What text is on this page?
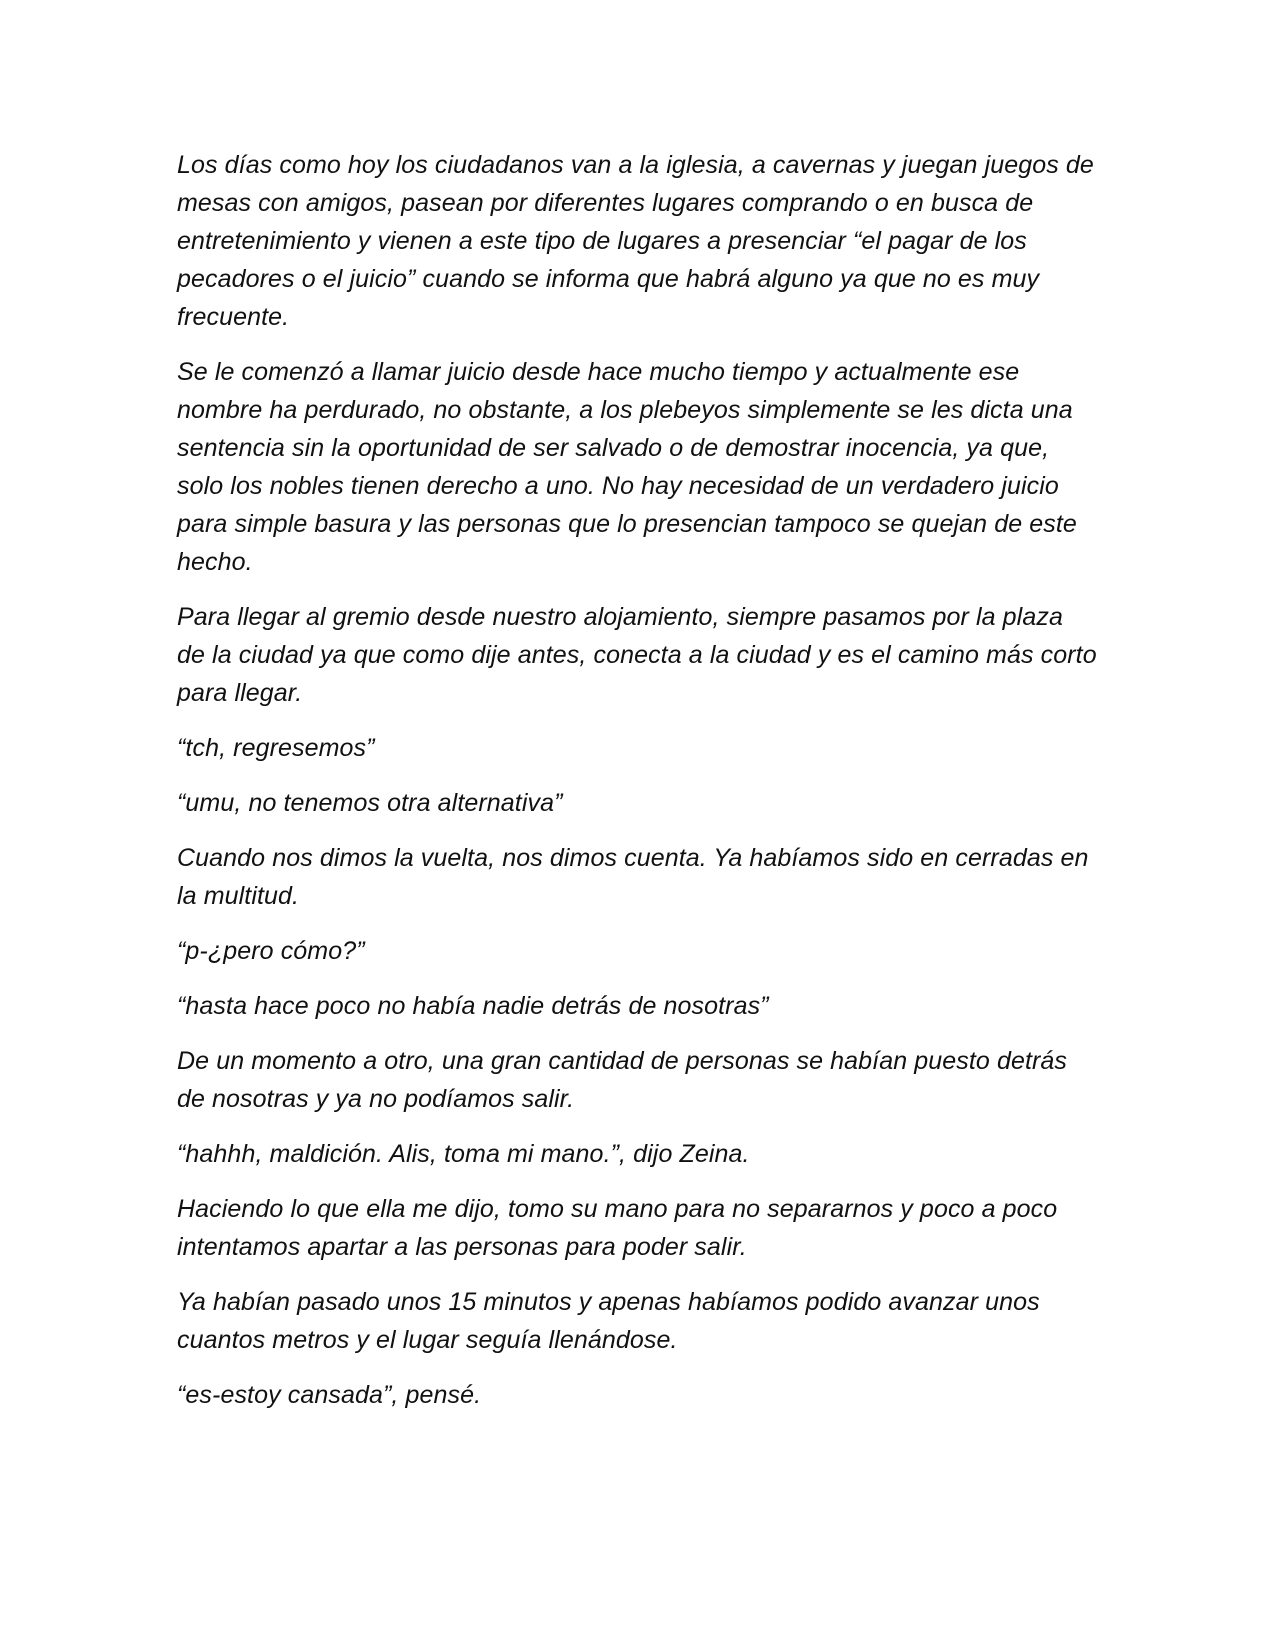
Los días como hoy los ciudadanos van a la iglesia, a cavernas y juegan juegos de mesas con amigos, pasean por diferentes lugares comprando o en busca de entretenimiento y vienen a este tipo de lugares a presenciar “el pagar de los pecadores o el juicio” cuando se informa que habrá alguno ya que no es muy frecuente.

Se le comenzó a llamar juicio desde hace mucho tiempo y actualmente ese nombre ha perdurado, no obstante, a los plebeyos simplemente se les dicta una sentencia sin la oportunidad de ser salvado o de demostrar inocencia, ya que, solo los nobles tienen derecho a uno. No hay necesidad de un verdadero juicio para simple basura y las personas que lo presencian tampoco se quejan de este hecho.

Para llegar al gremio desde nuestro alojamiento, siempre pasamos por la plaza de la ciudad ya que como dije antes, conecta a la ciudad y es el camino más corto para llegar.

“tch, regresemos”

“umu, no tenemos otra alternativa”

Cuando nos dimos la vuelta, nos dimos cuenta. Ya habíamos sido en cerradas en la multitud.

“p-¿pero cómo?”

“hasta hace poco no había nadie detrás de nosotras”

De un momento a otro, una gran cantidad de personas se habían puesto detrás de nosotras y ya no podíamos salir.

“hahhh, maldición. Alis, toma mi mano.”, dijo Zeina.

Haciendo lo que ella me dijo, tomo su mano para no separarnos y poco a poco intentamos apartar a las personas para poder salir.

Ya habían pasado unos 15 minutos y apenas habíamos podido avanzar unos cuantos metros y el lugar seguía llenándose.

“es-estoy cansada”, pensé.
